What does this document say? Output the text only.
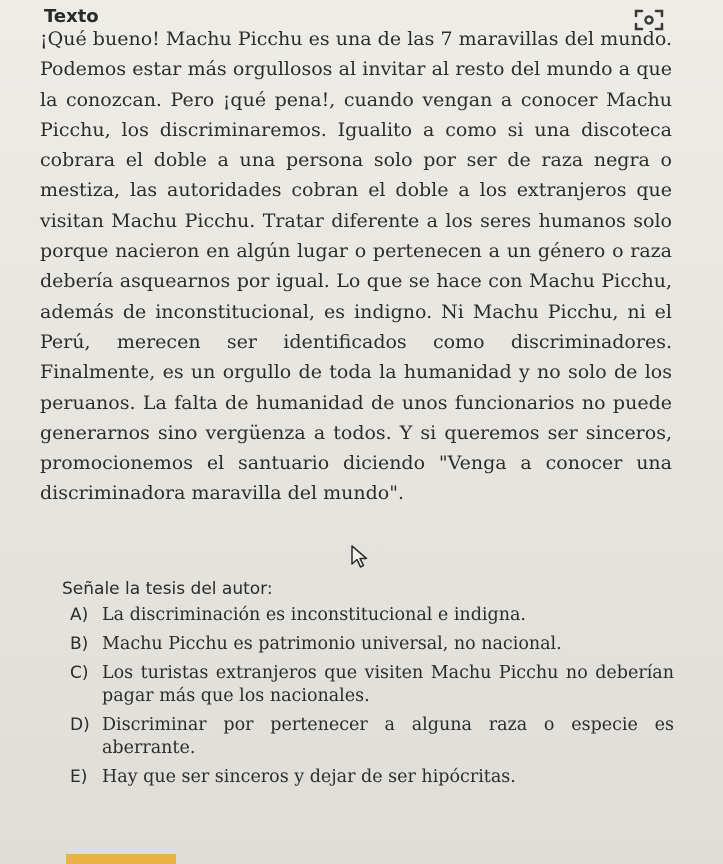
Texto

¡Qué bueno! Machu Picchu es una de las 7 maravillas del mundo. Podemos estar más orgullosos al invitar al resto del mundo a que la conozcan. Pero ¡qué pena!, cuando vengan a conocer Machu Picchu, los discriminaremos. Igualito a como si una discoteca cobrara el doble a una persona solo por ser de raza negra o mestiza, las autoridades cobran el doble a los extranjeros que visitan Machu Picchu. Tratar diferente a los seres humanos solo porque nacieron en algún lugar o pertenecen a un género o raza debería asquearnos por igual. Lo que se hace con Machu Picchu, además de inconstitucional, es indigno. Ni Machu Picchu, ni el Perú, merecen ser identificados como discriminadores. Finalmente, es un orgullo de toda la humanidad y no solo de los peruanos. La falta de humanidad de unos funcionarios no puede generarnos sino vergüenza a todos. Y si queremos ser sinceros, promocionemos el santuario diciendo "Venga a conocer una discriminadora maravilla del mundo".

Señale la tesis del autor:
A) La discriminación es inconstitucional e indigna.
B) Machu Picchu es patrimonio universal, no nacional.
C) Los turistas extranjeros que visiten Machu Picchu no deberían pagar más que los nacionales.
D) Discriminar por pertenecer a alguna raza o especie es aberrante.
E) Hay que ser sinceros y dejar de ser hipócritas.
